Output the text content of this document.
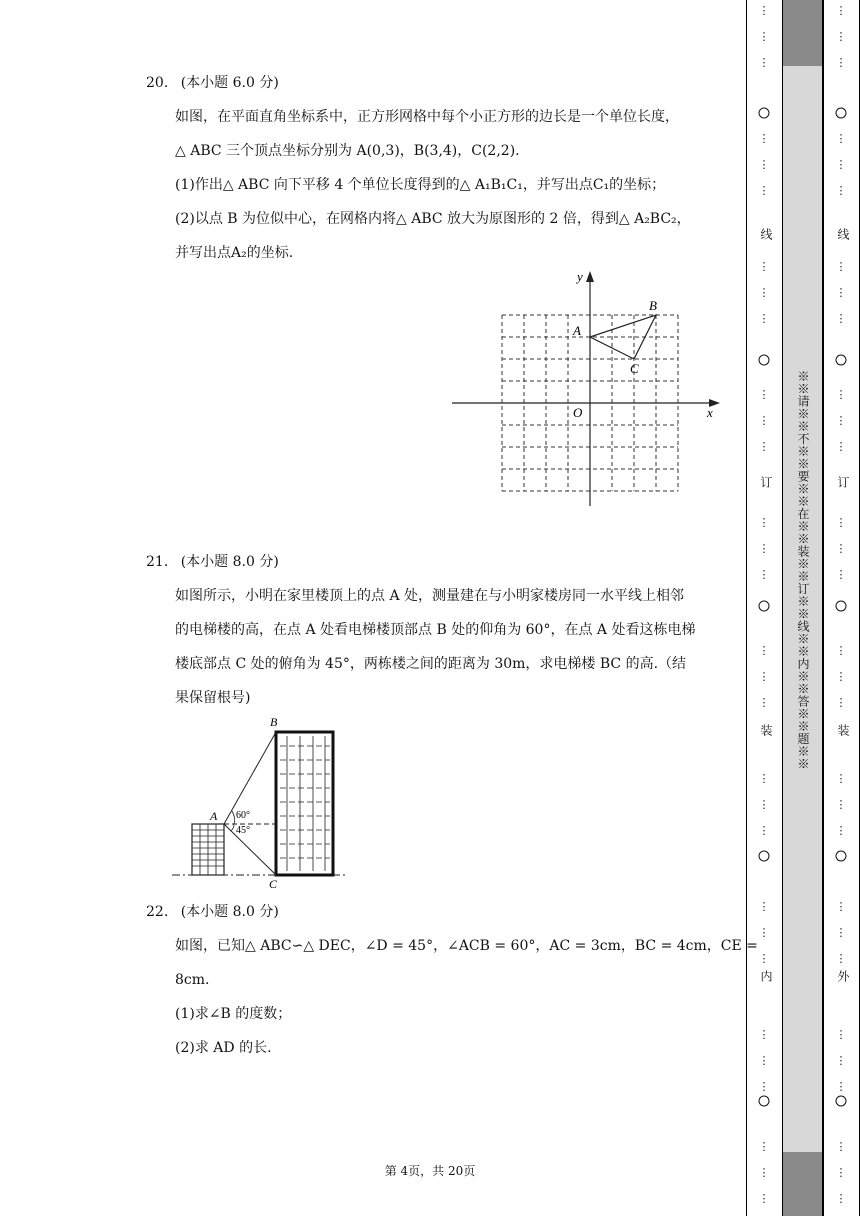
20. (本小题 6.0 分)
如图，在平面直角坐标系中，正方形网格中每个小正方形的边长是一个单位长度，
△ ABC 三个顶点坐标分别为 A(0,3)，B(3,4)，C(2,2).
(1)作出△ ABC 向下平移 4 个单位长度得到的△ A₁B₁C₁，并写出点C₁的坐标；
(2)以点 B 为位似中心，在网格内将△ ABC 放大为原图形的 2 倍，得到△ A₂BC₂，
并写出点A₂的坐标.
y
x
O
A
B
C
21. (本小题 8.0 分)
如图所示，小明在家里楼顶上的点 A 处，测量建在与小明家楼房同一水平线上相邻
的电梯楼的高，在点 A 处看电梯楼顶部点 B 处的仰角为 60°，在点 A 处看这栋电梯
楼底部点 C 处的俯角为 45°，两栋楼之间的距离为 30m，求电梯楼 BC 的高.（结
果保留根号)
A
B
C
60°
45°
22. (本小题 8.0 分)
如图，已知△ ABC∽△ DEC，∠D = 45°，∠ACB = 60°，AC = 3cm，BC = 4cm，CE =
8cm.
(1)求∠B 的度数；
(2)求 AD 的长.
第 4页，共 20页
⋮
⋮
⋮
⋮
⋮
⋮
⋮
⋮
⋮
⋮
⋮
⋮
⋮
⋮
⋮
⋮
⋮
⋮
⋮
⋮
⋮
⋮
⋮
⋮
⋮
⋮
⋮
⋮
⋮
⋮
⋮
⋮
⋮
⋮
⋮
⋮
⋮
⋮
⋮
⋮
⋮
⋮
⋮
⋮
⋮
⋮
⋮
⋮
⋮
⋮
⋮
⋮
⋮
⋮
⋮
⋮
⋮
⋮
⋮
⋮
线
订
装
内
线
订
装
外
※※请※※不※※要※※在※※装※※订※※线※※内※※答※※题※※
